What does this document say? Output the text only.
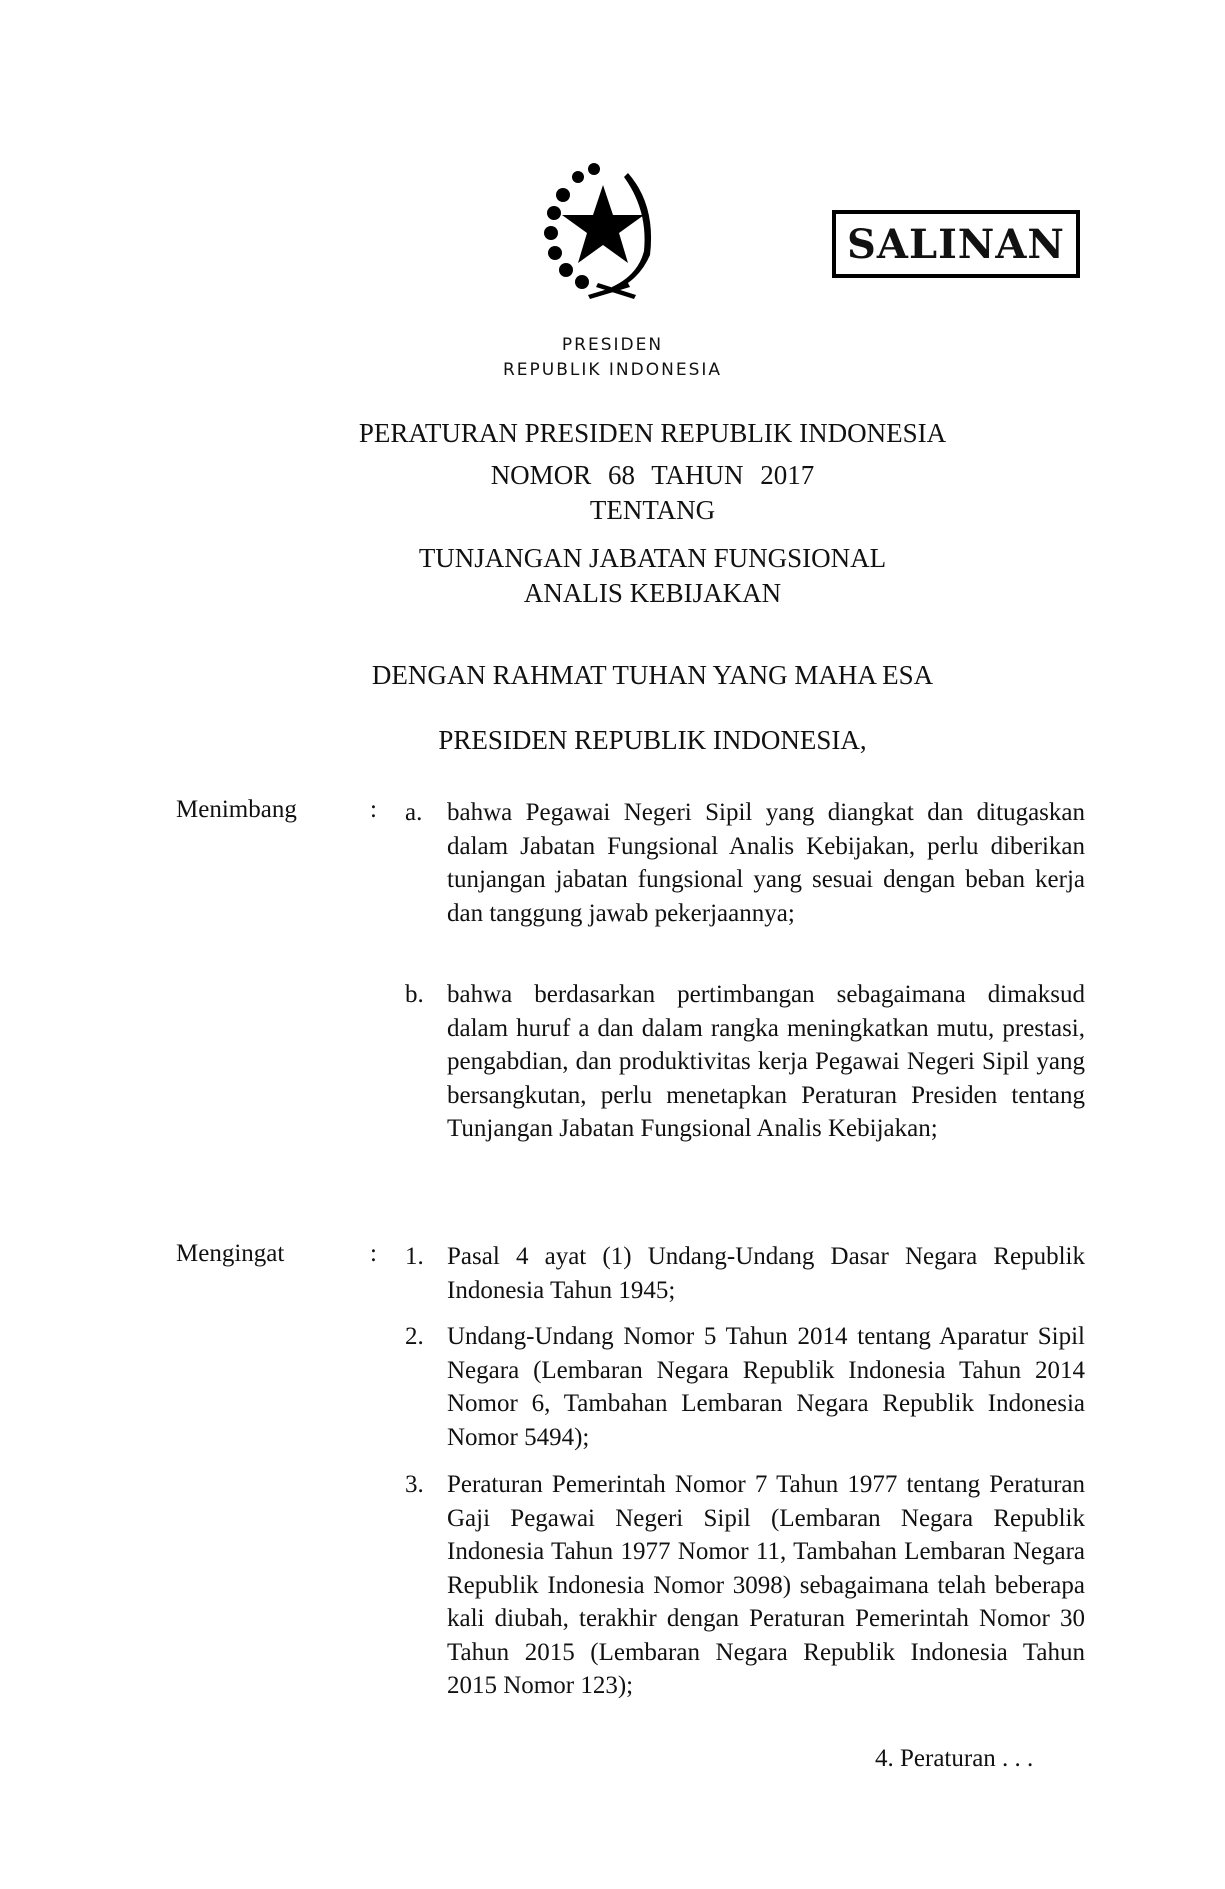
SALINAN
PRESIDEN
REPUBLIK INDONESIA
PERATURAN PRESIDEN REPUBLIK INDONESIA
NOMOR 68 TAHUN 2017
TENTANG
TUNJANGAN JABATAN FUNGSIONAL
ANALIS KEBIJAKAN
DENGAN RAHMAT TUHAN YANG MAHA ESA
PRESIDEN REPUBLIK INDONESIA,
Menimbang	: a. bahwa Pegawai Negeri Sipil yang diangkat dan ditugaskan dalam Jabatan Fungsional Analis Kebijakan, perlu diberikan tunjangan jabatan fungsional yang sesuai dengan beban kerja dan tanggung jawab pekerjaannya;
b. bahwa berdasarkan pertimbangan sebagaimana dimaksud dalam huruf a dan dalam rangka meningkatkan mutu, prestasi, pengabdian, dan produktivitas kerja Pegawai Negeri Sipil yang bersangkutan, perlu menetapkan Peraturan Presiden tentang Tunjangan Jabatan Fungsional Analis Kebijakan;
Mengingat	: 1. Pasal 4 ayat (1) Undang-Undang Dasar Negara Republik Indonesia Tahun 1945;
2. Undang-Undang Nomor 5 Tahun 2014 tentang Aparatur Sipil Negara (Lembaran Negara Republik Indonesia Tahun 2014 Nomor 6, Tambahan Lembaran Negara Republik Indonesia Nomor 5494);
3. Peraturan Pemerintah Nomor 7 Tahun 1977 tentang Peraturan Gaji Pegawai Negeri Sipil (Lembaran Negara Republik Indonesia Tahun 1977 Nomor 11, Tambahan Lembaran Negara Republik Indonesia Nomor 3098) sebagaimana telah beberapa kali diubah, terakhir dengan Peraturan Pemerintah Nomor 30 Tahun 2015 (Lembaran Negara Republik Indonesia Tahun 2015 Nomor 123);
4. Peraturan . . .
